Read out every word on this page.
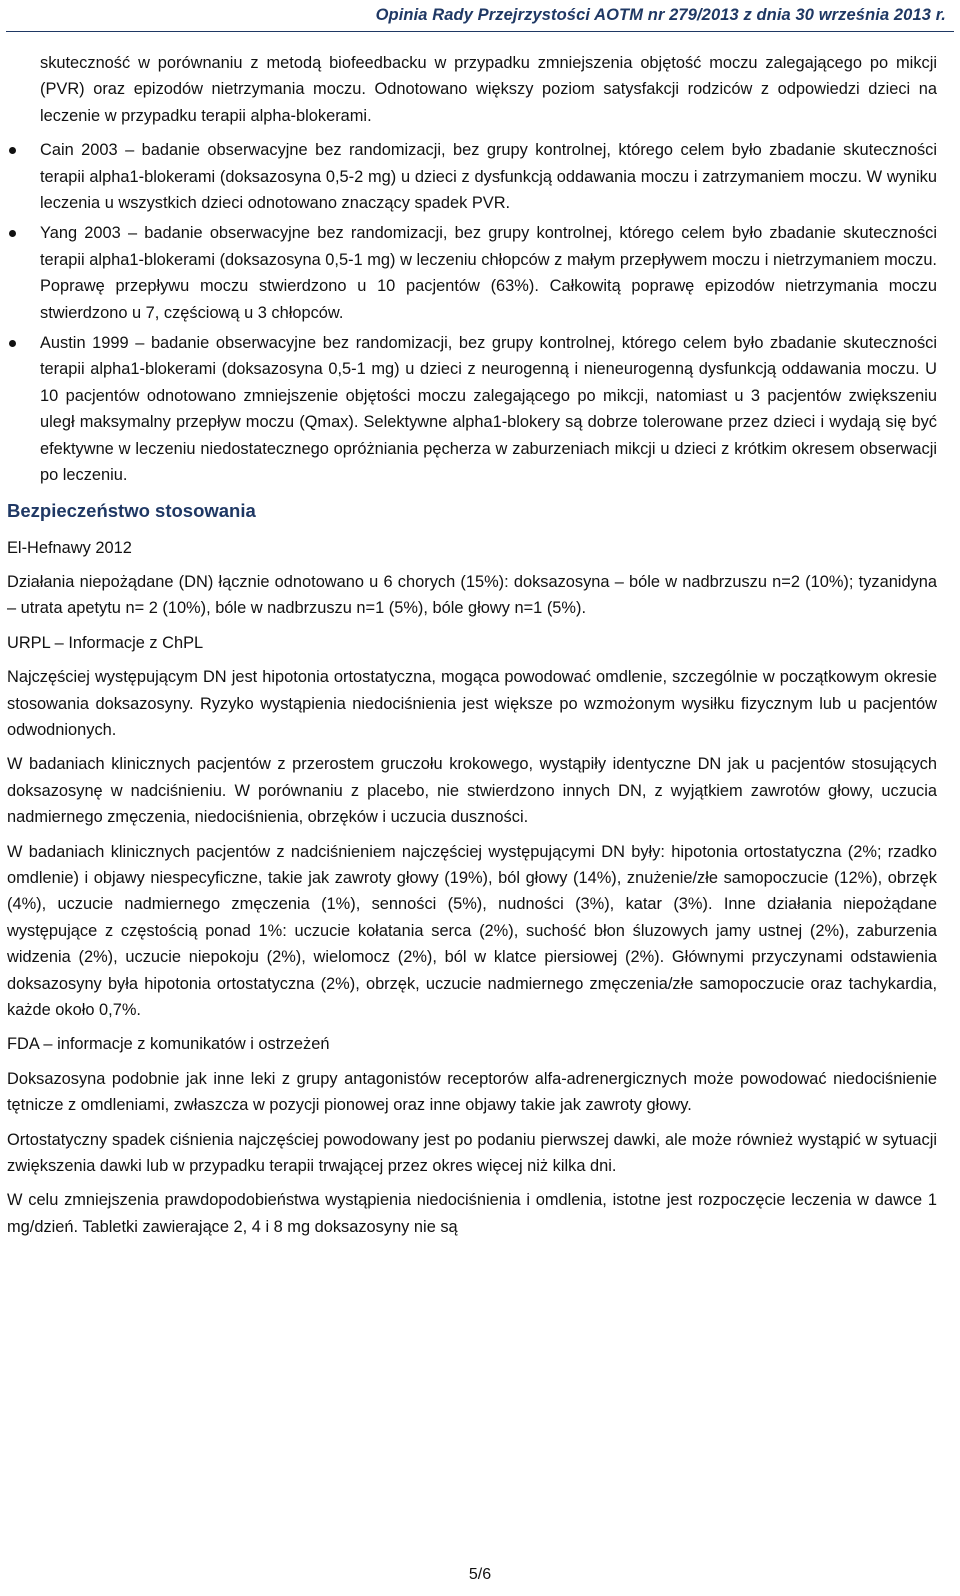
Opinia Rady Przejrzystości AOTM nr 279/2013 z dnia 30 września 2013 r.

skuteczność w porównaniu z metodą biofeedbacku w przypadku zmniejszenia objętość moczu zalegającego po mikcji (PVR) oraz epizodów nietrzymania moczu. Odnotowano większy poziom satysfakcji rodziców z odpowiedzi dzieci na leczenie w przypadku terapii alpha-blokerami.

Cain 2003 – badanie obserwacyjne bez randomizacji, bez grupy kontrolnej, którego celem było zbadanie skuteczności terapii alpha1-blokerami (doksazosyna 0,5-2 mg) u dzieci z dysfunkcją oddawania moczu i zatrzymaniem moczu. W wyniku leczenia u wszystkich dzieci odnotowano znaczący spadek PVR.
Yang 2003 – badanie obserwacyjne bez randomizacji, bez grupy kontrolnej, którego celem było zbadanie skuteczności terapii alpha1-blokerami (doksazosyna 0,5-1 mg) w leczeniu chłopców z małym przepływem moczu i nietrzymaniem moczu. Poprawę przepływu moczu stwierdzono u 10 pacjentów (63%). Całkowitą poprawę epizodów nietrzymania moczu stwierdzono u 7, częściową u 3 chłopców.
Austin 1999 – badanie obserwacyjne bez randomizacji, bez grupy kontrolnej, którego celem było zbadanie skuteczności terapii alpha1-blokerami (doksazosyna 0,5-1 mg) u dzieci z neurogenną i nieneurogenną dysfunkcją oddawania moczu. U 10 pacjentów odnotowano zmniejszenie objętości moczu zalegającego po mikcji, natomiast u 3 pacjentów zwiększeniu uległ maksymalny przepływ moczu (Qmax). Selektywne alpha1-blokery są dobrze tolerowane przez dzieci i wydają się być efektywne w leczeniu niedostatecznego opróżniania pęcherza w zaburzeniach mikcji u dzieci z krótkim okresem obserwacji po leczeniu.
Bezpieczeństwo stosowania

El-Hefnawy 2012

Działania niepożądane (DN) łącznie odnotowano u 6 chorych (15%): doksazosyna – bóle w nadbrzuszu n=2 (10%); tyzanidyna – utrata apetytu n= 2 (10%), bóle w nadbrzuszu n=1 (5%), bóle głowy n=1 (5%).

URPL – Informacje z ChPL

Najczęściej występującym DN jest hipotonia ortostatyczna, mogąca powodować omdlenie, szczególnie w początkowym okresie stosowania doksazosyny. Ryzyko wystąpienia niedociśnienia jest większe po wzmożonym wysiłku fizycznym lub u pacjentów odwodnionych.

W badaniach klinicznych pacjentów z przerostem gruczołu krokowego, wystąpiły identyczne DN jak u pacjentów stosujących doksazosynę w nadciśnieniu. W porównaniu z placebo, nie stwierdzono innych DN, z wyjątkiem zawrotów głowy, uczucia nadmiernego zmęczenia, niedociśnienia, obrzęków i uczucia duszności.

W badaniach klinicznych pacjentów z nadciśnieniem najczęściej występującymi DN były: hipotonia ortostatyczna (2%; rzadko omdlenie) i objawy niespecyficzne, takie jak zawroty głowy (19%), ból głowy (14%), znużenie/złe samopoczucie (12%), obrzęk (4%), uczucie nadmiernego zmęczenia (1%), senności (5%), nudności (3%), katar (3%). Inne działania niepożądane występujące z częstością ponad 1%: uczucie kołatania serca (2%), suchość błon śluzowych jamy ustnej (2%), zaburzenia widzenia (2%), uczucie niepokoju (2%), wielomocz (2%), ból w klatce piersiowej (2%). Głównymi przyczynami odstawienia doksazosyny była hipotonia ortostatyczna (2%), obrzęk, uczucie nadmiernego zmęczenia/złe samopoczucie oraz tachykardia, każde około 0,7%.

FDA – informacje z komunikatów i ostrzeżeń

Doksazosyna podobnie jak inne leki z grupy antagonistów receptorów alfa-adrenergicznych może powodować niedociśnienie tętnicze z omdleniami, zwłaszcza w pozycji pionowej oraz inne objawy takie jak zawroty głowy.

Ortostatyczny spadek ciśnienia najczęściej powodowany jest po podaniu pierwszej dawki, ale może również wystąpić w sytuacji zwiększenia dawki lub w przypadku terapii trwającej przez okres więcej niż kilka dni.

W celu zmniejszenia prawdopodobieństwa wystąpienia niedociśnienia i omdlenia, istotne jest rozpoczęcie leczenia w dawce 1 mg/dzień. Tabletki zawierające 2, 4 i 8 mg doksazosyny nie są

5/6
